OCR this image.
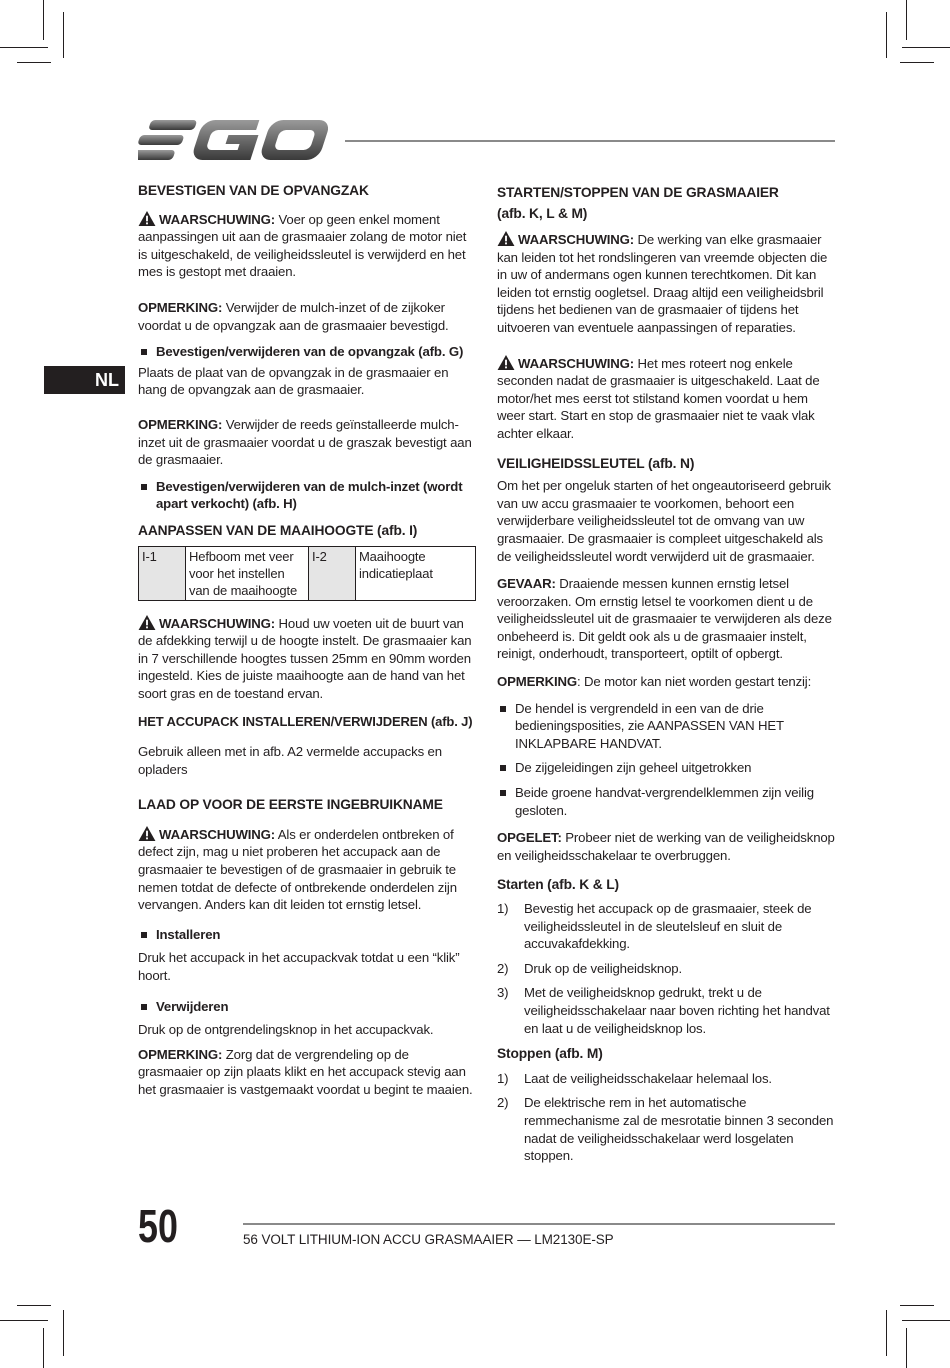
NL

BEVESTIGEN VAN DE OPVANGZAK

WAARSCHUWING: Voer op geen enkel moment aanpassingen uit aan de grasmaaier zolang de motor niet is uitgeschakeld, de veiligheidssleutel is verwijderd en het mes is gestopt met draaien.

OPMERKING: Verwijder de mulch-inzet of de zijkoker voordat u de opvangzak aan de grasmaaier bevestigd.

Bevestigen/verwijderen van de opvangzak (afb. G)

Plaats de plaat van de opvangzak in de grasmaaier en hang de opvangzak aan de grasmaaier.

OPMERKING: Verwijder de reeds geïnstalleerde mulch-inzet uit de grasmaaier voordat u de graszak bevestigt aan de grasmaaier.

Bevestigen/verwijderen van de mulch-inzet (wordt apart verkocht) (afb. H)

AANPASSEN VAN DE MAAIHOOGTE (afb. I)

I-1	Hefboom met veer voor het instellen van de maaihoogte	I-2	Maaihoogte indicatieplaat

WAARSCHUWING: Houd uw voeten uit de buurt van de afdekking terwijl u de hoogte instelt. De grasmaaier kan in 7 verschillende hoogtes tussen 25mm en 90mm worden ingesteld. Kies de juiste maaihoogte aan de hand van het soort gras en de toestand ervan.

HET ACCUPACK INSTALLEREN/VERWIJDEREN (afb. J)

Gebruik alleen met in afb. A2 vermelde accupacks en opladers

LAAD OP VOOR DE EERSTE INGEBRUIKNAME

WAARSCHUWING: Als er onderdelen ontbreken of defect zijn, mag u niet proberen het accupack aan de grasmaaier te bevestigen of de grasmaaier in gebruik te nemen totdat de defecte of ontbrekende onderdelen zijn vervangen. Anders kan dit leiden tot ernstig letsel.

Installeren

Druk het accupack in het accupackvak totdat u een “klik” hoort.

Verwijderen

Druk op de ontgrendelingsknop in het accupackvak.

OPMERKING: Zorg dat de vergrendeling op de grasmaaier op zijn plaats klikt en het accupack stevig aan het grasmaaier is vastgemaakt voordat u begint te maaien.

STARTEN/STOPPEN VAN DE GRASMAAIER (afb. K, L & M)

WAARSCHUWING: De werking van elke grasmaaier kan leiden tot het rondslingeren van vreemde objecten die in uw of andermans ogen kunnen terechtkomen. Dit kan leiden tot ernstig oogletsel. Draag altijd een veiligheidsbril tijdens het bedienen van de grasmaaier of tijdens het uitvoeren van eventuele aanpassingen of reparaties.

WAARSCHUWING: Het mes roteert nog enkele seconden nadat de grasmaaier is uitgeschakeld. Laat de motor/het mes eerst tot stilstand komen voordat u hem weer start. Start en stop de grasmaaier niet te vaak vlak achter elkaar.

VEILIGHEIDSSLEUTEL (afb. N)

Om het per ongeluk starten of het ongeautoriseerd gebruik van uw accu grasmaaier te voorkomen, behoort een verwijderbare veiligheidssleutel tot de omvang van uw grasmaaier. De grasmaaier is compleet uitgeschakeld als de veiligheidssleutel wordt verwijderd uit de grasmaaier.

GEVAAR: Draaiende messen kunnen ernstig letsel veroorzaken. Om ernstig letsel te voorkomen dient u de veiligheidssleutel uit de grasmaaier te verwijderen als deze onbeheerd is. Dit geldt ook als u de grasmaaier instelt, reinigt, onderhoudt, transporteert, optilt of opbergt.

OPMERKING: De motor kan niet worden gestart tenzij:

De hendel is vergrendeld in een van de drie bedieningsposities, zie AANPASSEN VAN HET INKLAPBARE HANDVAT.

De zijgeleidingen zijn geheel uitgetrokken

Beide groene handvat-vergrendelklemmen zijn veilig gesloten.

OPGELET: Probeer niet de werking van de veiligheidsknop en veiligheidsschakelaar te overbruggen.

Starten (afb. K & L)

1) Bevestig het accupack op de grasmaaier, steek de veiligheidssleutel in de sleutelsleuf en sluit de accuvakafdekking.

2) Druk op de veiligheidsknop.

3) Met de veiligheidsknop gedrukt, trekt u de veiligheidsschakelaar naar boven richting het handvat en laat u de veiligheidsknop los.

Stoppen (afb. M)

1) Laat de veiligheidsschakelaar helemaal los.

2) De elektrische rem in het automatische remmechanisme zal de mesrotatie binnen 3 seconden nadat de veiligheidsschakelaar werd losgelaten stoppen.

50	56 VOLT LITHIUM-ION ACCU GRASMAAIER — LM2130E-SP
